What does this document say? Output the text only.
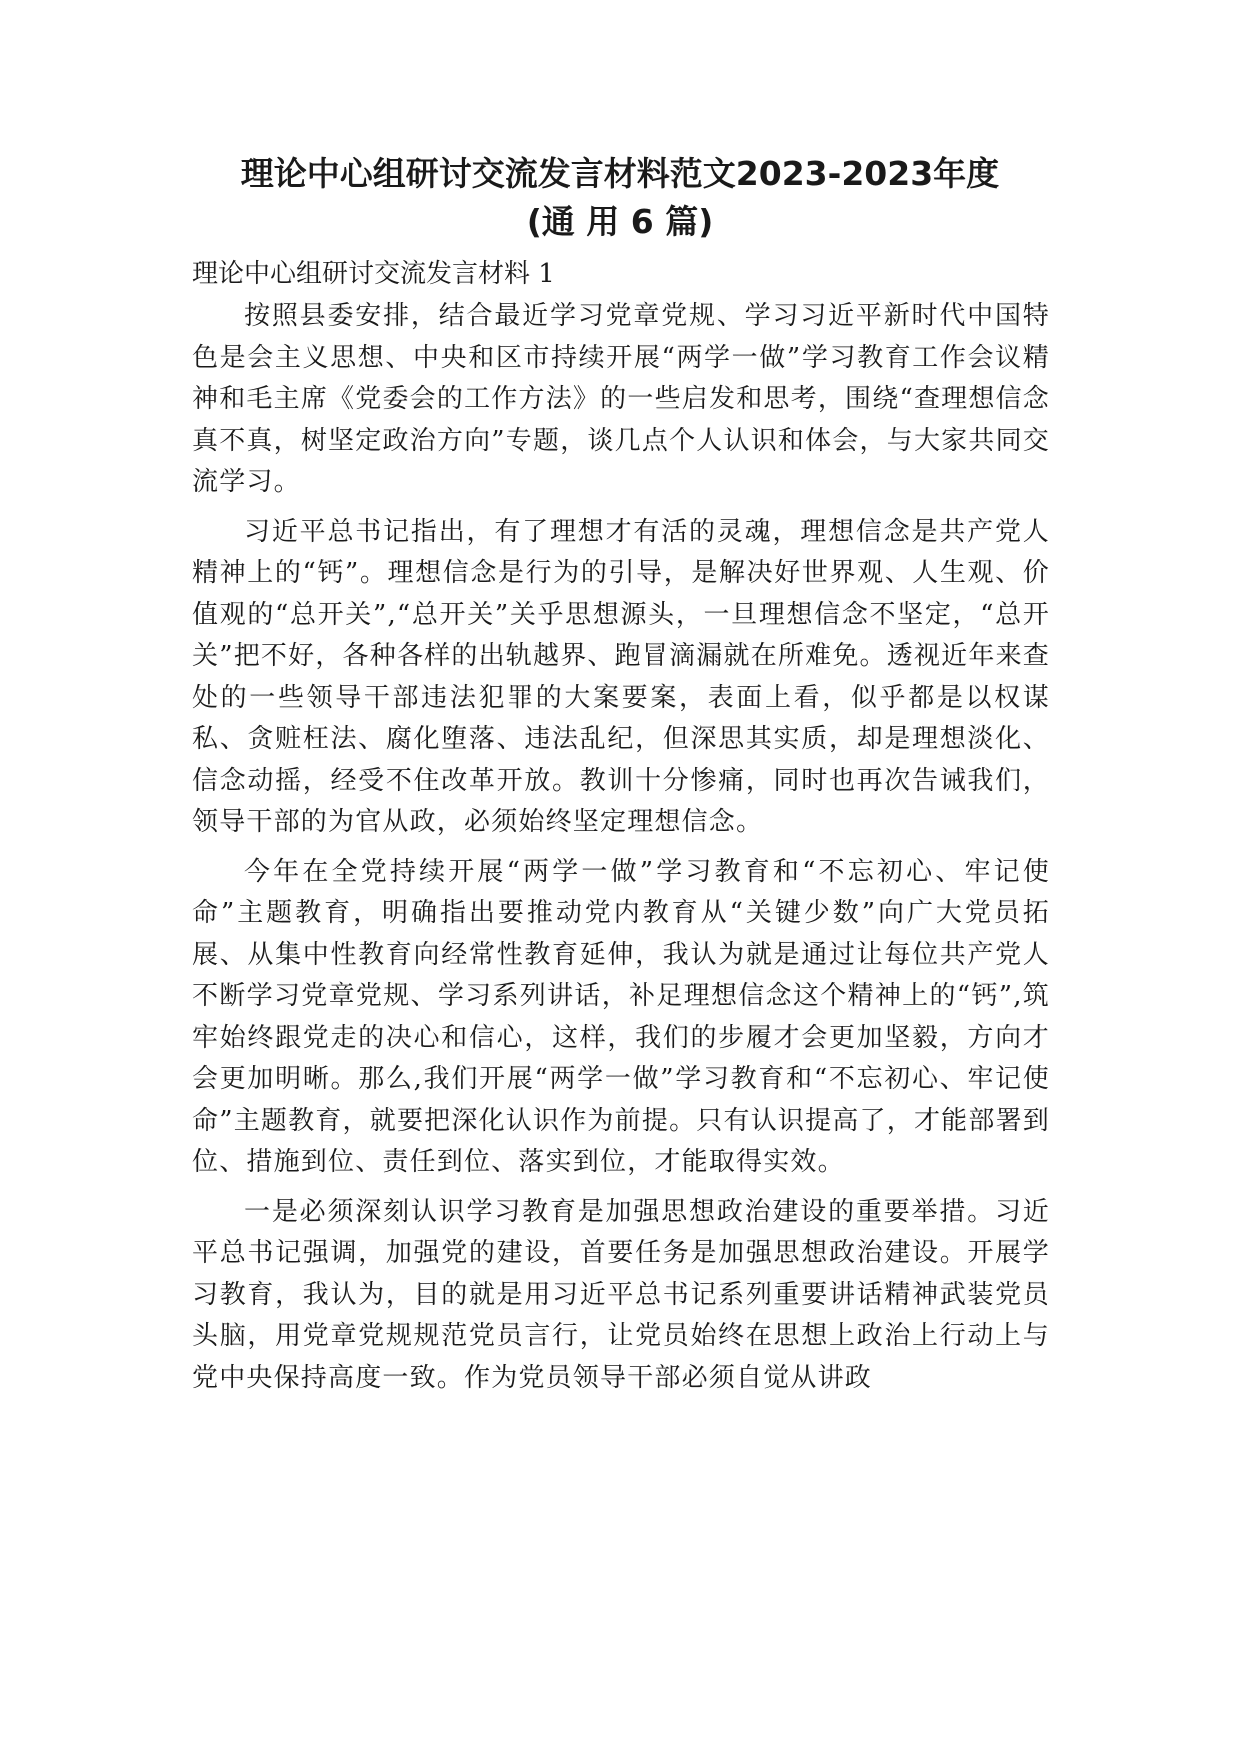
理论中心组研讨交流发言材料范文2023-2023年度
(通 用 6 篇)
理论中心组研讨交流发言材料 1

按照县委安排，结合最近学习党章党规、学习习近平新时代中国特色是会主义思想、中央和区市持续开展“两学一做”学习教育工作会议精神和毛主席《党委会的工作方法》的一些启发和思考，围绕“查理想信念真不真，树坚定政治方向”专题，谈几点个人认识和体会，与大家共同交流学习。

习近平总书记指出，有了理想才有活的灵魂，理想信念是共产党人精神上的“钙”。理想信念是行为的引导，是解决好世界观、人生观、价值观的“总开关”,“总开关”关乎思想源头，一旦理想信念不坚定，“总开关”把不好，各种各样的出轨越界、跑冒滴漏就在所难免。透视近年来查处的一些领导干部违法犯罪的大案要案，表面上看，似乎都是以权谋私、贪赃枉法、腐化堕落、违法乱纪，但深思其实质，却是理想淡化、信念动摇，经受不住改革开放。教训十分惨痛，同时也再次告诫我们，领导干部的为官从政，必须始终坚定理想信念。

今年在全党持续开展“两学一做”学习教育和“不忘初心、牢记使命”主题教育，明确指出要推动党内教育从“关键少数”向广大党员拓展、从集中性教育向经常性教育延伸，我认为就是通过让每位共产党人不断学习党章党规、学习系列讲话，补足理想信念这个精神上的“钙”,筑牢始终跟党走的决心和信心，这样，我们的步履才会更加坚毅，方向才会更加明晰。那么,我们开展“两学一做”学习教育和“不忘初心、牢记使命”主题教育，就要把深化认识作为前提。只有认识提高了，才能部署到位、措施到位、责任到位、落实到位，才能取得实效。

一是必须深刻认识学习教育是加强思想政治建设的重要举措。习近平总书记强调，加强党的建设，首要任务是加强思想政治建设。开展学习教育，我认为，目的就是用习近平总书记系列重要讲话精神武装党员头脑，用党章党规规范党员言行，让党员始终在思想上政治上行动上与党中央保持高度一致。作为党员领导干部必须自觉从讲政
